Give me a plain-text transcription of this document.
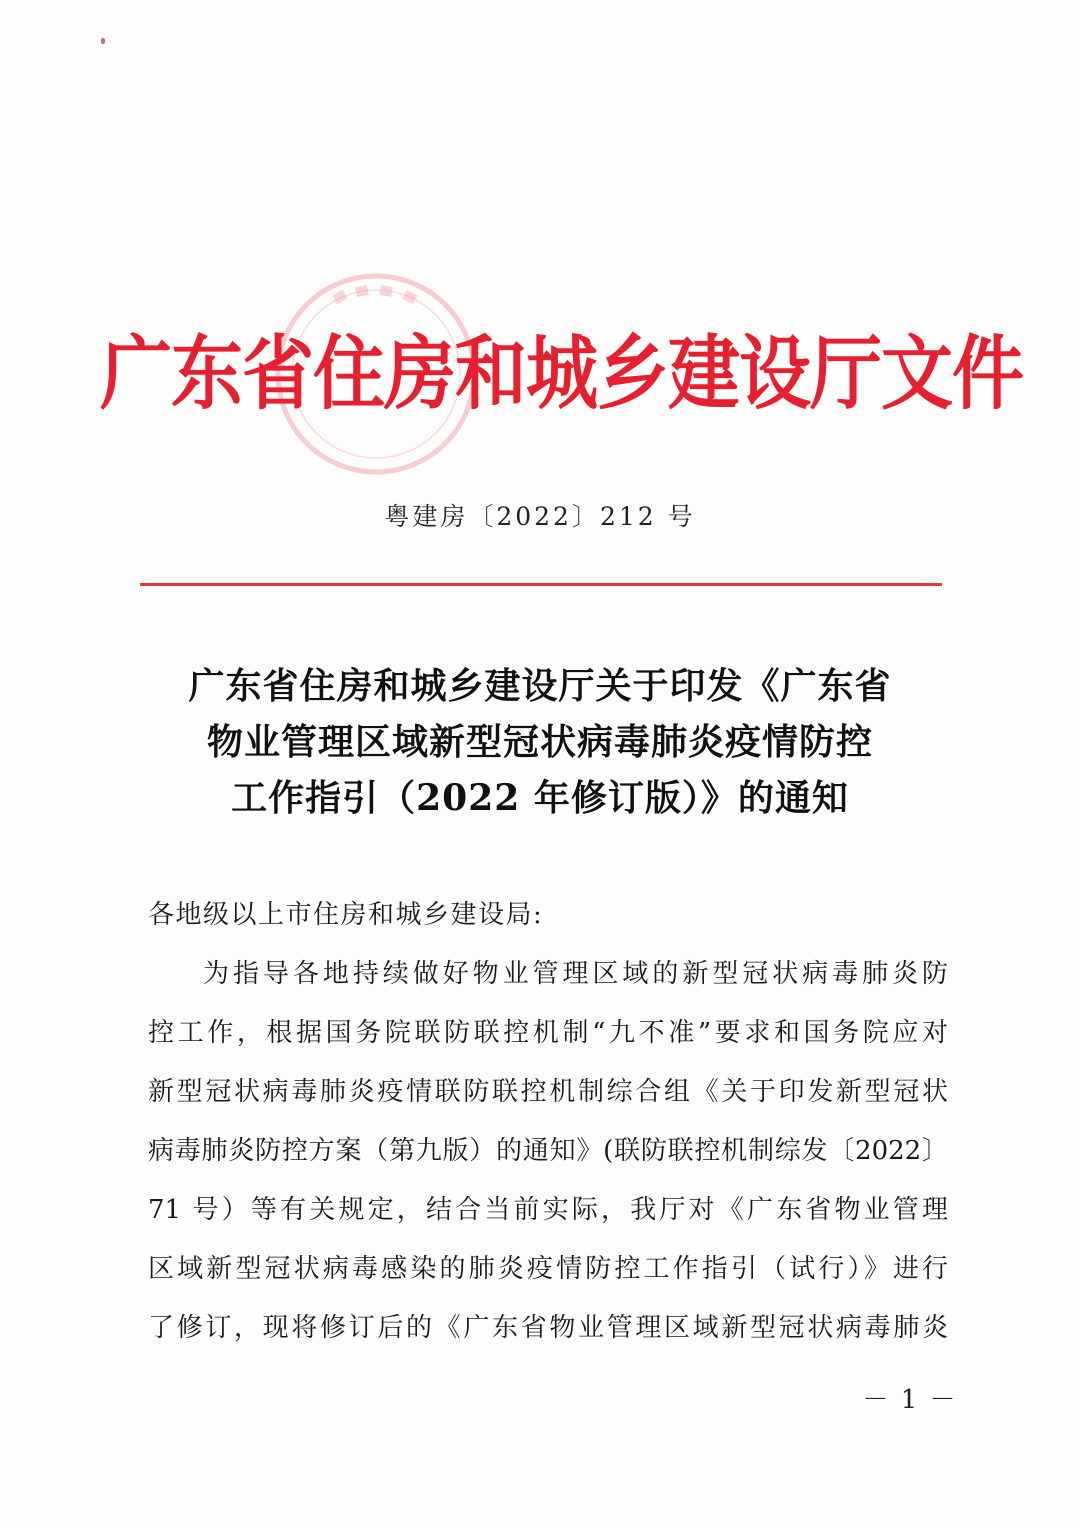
广东省住房和城乡建设厅文件
粤建房〔2022〕212 号
广东省住房和城乡建设厅关于印发《广东省
物业管理区域新型冠状病毒肺炎疫情防控
工作指引（2022 年修订版）》的通知
各地级以上市住房和城乡建设局:
为指导各地持续做好物业管理区域的新型冠状病毒肺炎防
控工作，根据国务院联防联控机制“九不准”要求和国务院应对
新型冠状病毒肺炎疫情联防联控机制综合组《关于印发新型冠状
病毒肺炎防控方案（第九版）的通知》(联防联控机制综发〔2022〕
71 号）等有关规定，结合当前实际，我厅对《广东省物业管理
区域新型冠状病毒感染的肺炎疫情防控工作指引（试行）》进行
了修订，现将修订后的《广东省物业管理区域新型冠状病毒肺炎
－ 1 －
